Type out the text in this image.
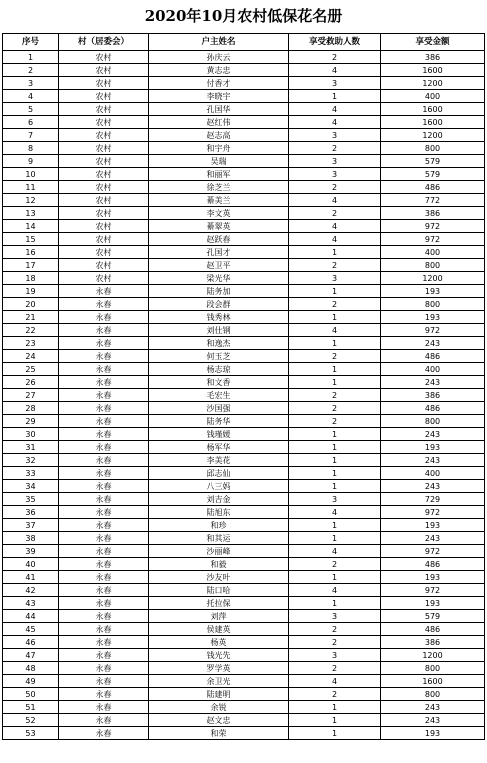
2020年10月农村低保花名册
序号	村（居委会）	户主姓名	享受救助人数	享受金额
1	农村	孙庆云	2	386
2	农村	黄志忠	4	1600
3	农村	付香才	3	1200
4	农村	李晓宇	1	400
5	农村	孔国华	4	1600
6	农村	赵红伟	4	1600
7	农村	赵志高	3	1200
8	农村	和宇舟	2	800
9	农村	吴瑞	3	579
10	农村	和丽军	3	579
11	农村	徐芝兰	2	486
12	农村	綦美兰	4	772
13	农村	李文英	2	386
14	农村	綦翠英	4	972
15	农村	赵跃春	4	972
16	农村	孔国才	1	400
17	农村	赵卫平	2	800
18	农村	梁光华	3	1200
19	永春	陆务加	1	193
20	永春	段会群	2	800
21	永春	钱秀林	1	193
22	永春	刘仕钢	4	972
23	永春	和逸杰	1	243
24	永春	何玉芝	2	486
25	永春	杨志琼	1	400
26	永春	和文香	1	243
27	永春	毛宏生	2	386
28	永春	沙国强	2	486
29	永春	陆务华	2	800
30	永春	钱瑾媛	1	243
31	永春	杨军华	1	193
32	永春	李美花	1	243
33	永春	邱志仙	1	400
34	永春	八三妈	1	243
35	永春	刘吉金	3	729
36	永春	陆旭东	4	972
37	永春	和珍	1	193
38	永春	和其运	1	243
39	永春	沙丽峰	4	972
40	永春	和毅	2	486
41	永春	沙友叶	1	193
42	永春	陆口哈	4	972
43	永春	托拉保	1	193
44	永春	刘萍	3	579
45	永春	侯建英	2	486
46	永春	杨英	2	386
47	永春	钱光先	3	1200
48	永春	罗学英	2	800
49	永春	余卫光	4	1600
50	永春	陆建明	2	800
51	永春	余锐	1	243
52	永春	赵文忠	1	243
53	永春	和荣	1	193
